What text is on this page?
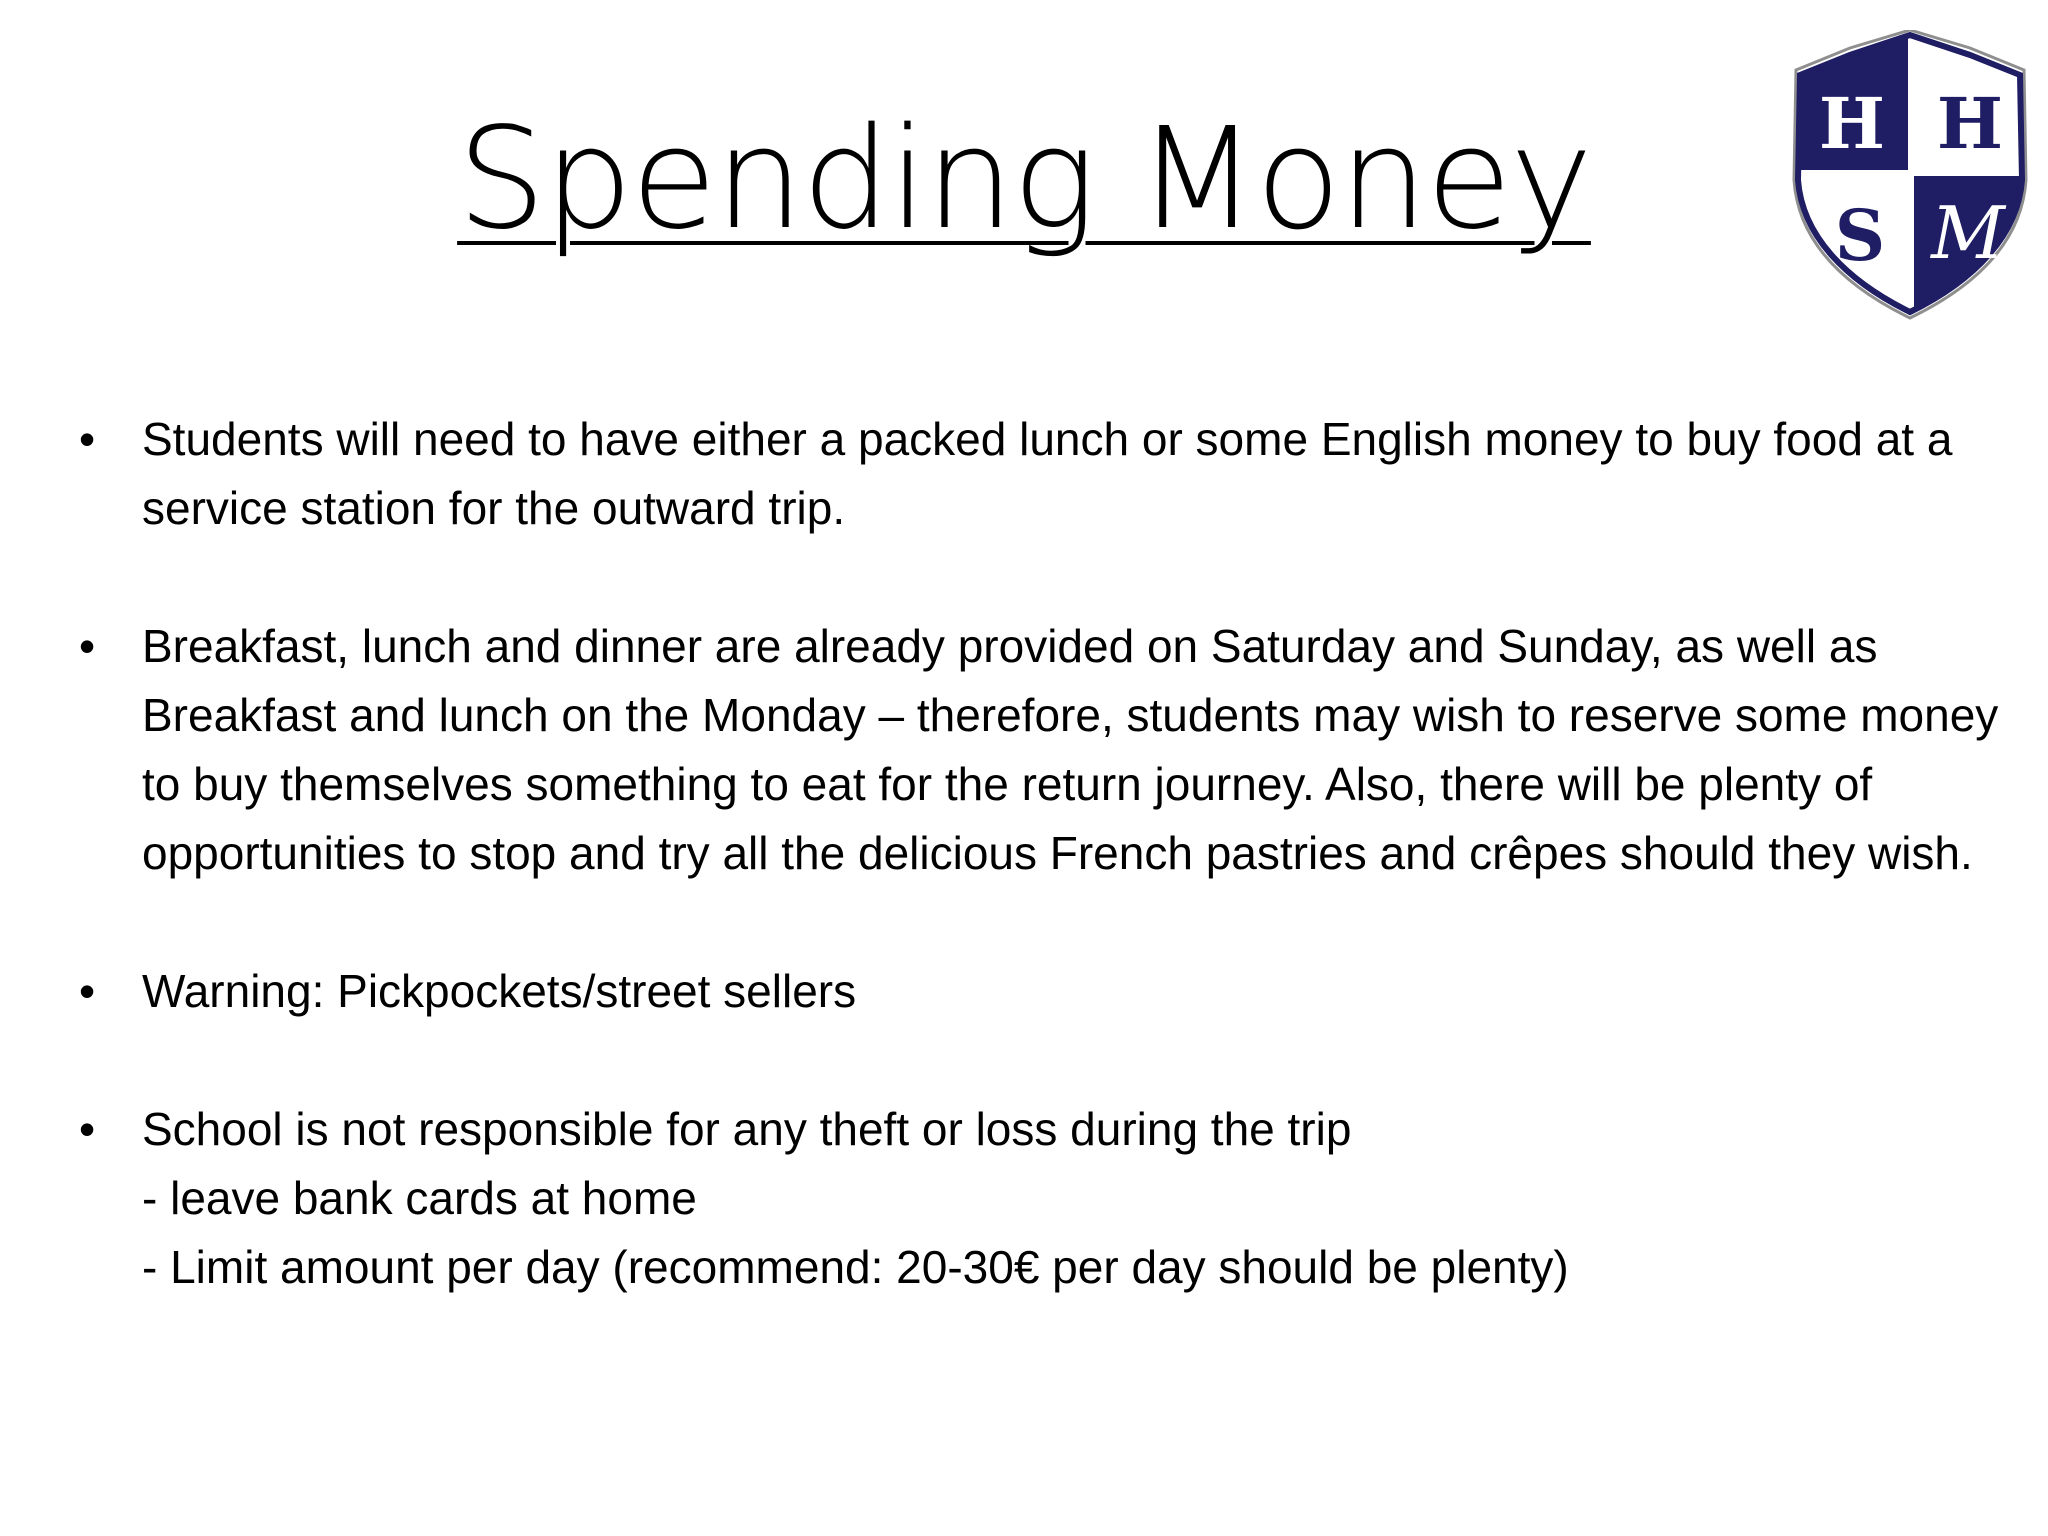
Spending Money	H H
S M
• Students will need to have either a packed lunch or some English money to buy food at a service station for the outward trip.
• Breakfast, lunch and dinner are already provided on Saturday and Sunday, as well as Breakfast and lunch on the Monday – therefore, students may wish to reserve some money to buy themselves something to eat for the return journey. Also, there will be plenty of opportunities to stop and try all the delicious French pastries and crêpes should they wish.
• Warning: Pickpockets/street sellers
• School is not responsible for any theft or loss during the trip
- leave bank cards at home
- Limit amount per day (recommend: 20-30€ per day should be plenty)
